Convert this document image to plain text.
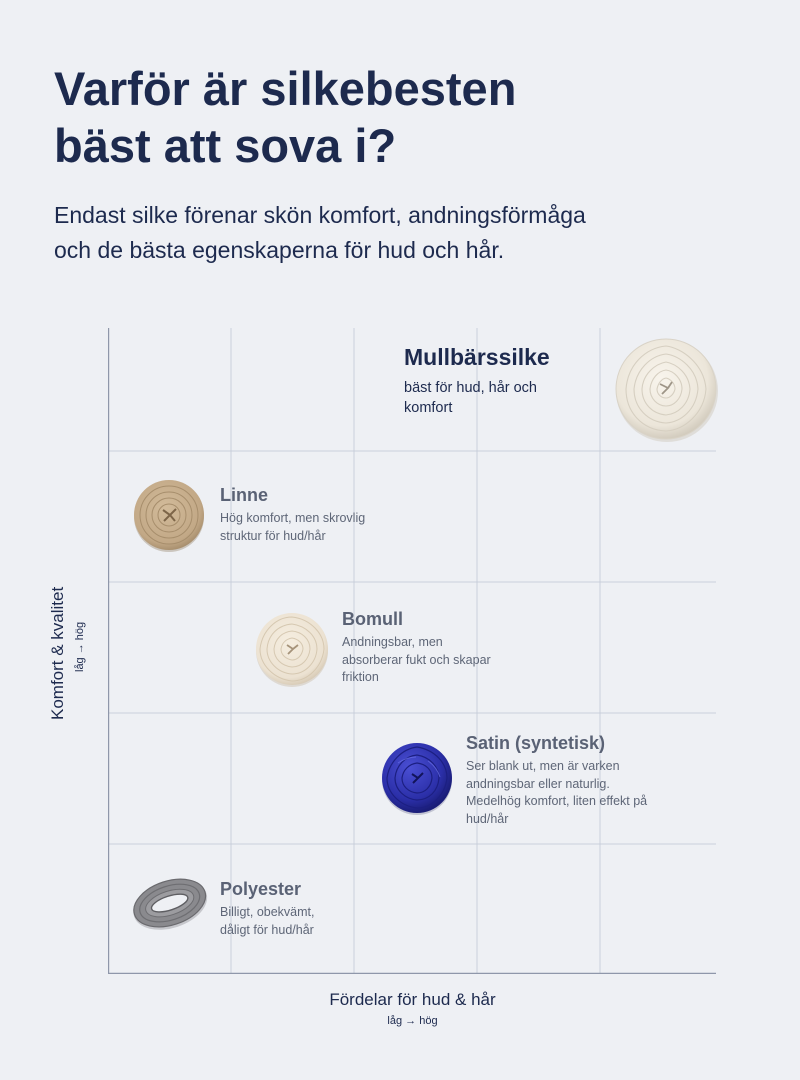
Varför är silkebesten
bäst att sova i?

Endast silke förenar skön komfort, andningsförmåga
och de bästa egenskaperna för hud och hår.

Mullbärssilke
bäst för hud, hår och
komfort
Linne
Hög komfort, men skrovlig
struktur för hud/hår
Bomull
Andningsbar, men
absorberar fukt och skapar
friktion
Satin (syntetisk)
Ser blank ut, men är varken
andningsbar eller naturlig.
Medelhög komfort, liten effekt på
hud/hår
Polyester
Billigt, obekvämt,
dåligt för hud/hår
Komfort & kvalitet låg → hög
Fördelar för hud & hår
låg → hög
